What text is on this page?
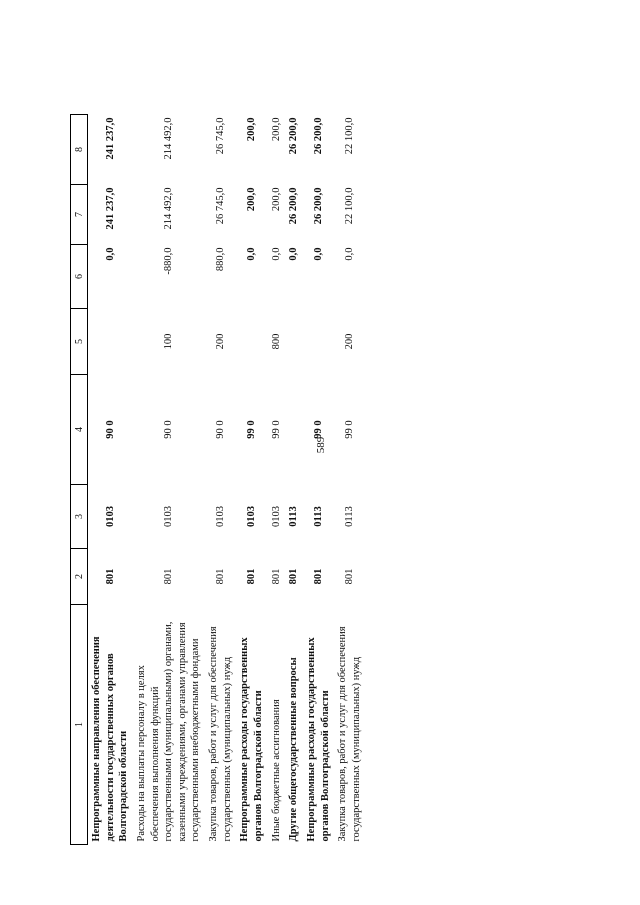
589
1	2	3	4	5	6	7	8
Непрограммные направления обеспечения деятельности государственных органов Волгоградской области	801	0103	90 0		0,0	241 237,0	241 237,0
Расходы на выплаты персоналу в целях обеспечения выполнения функций государственными (муниципальными) органами, казенными учреждениями, органами управления государственными внебюджетными фондами	801	0103	90 0	100	-880,0	214 492,0	214 492,0
Закупка товаров, работ и услуг для обеспечения государственных (муниципальных) нужд	801	0103	90 0	200	880,0	26 745,0	26 745,0
Непрограммные расходы государственных органов Волгоградской области	801	0103	99 0		0,0	200,0	200,0
Иные бюджетные ассигнования	801	0103	99 0	800	0,0	200,0	200,0
Другие общегосударственные вопросы	801	0113			0,0	26 200,0	26 200,0
Непрограммные расходы государственных органов Волгоградской области	801	0113	99 0		0,0	26 200,0	26 200,0
Закупка товаров, работ и услуг для обеспечения государственных (муниципальных) нужд	801	0113	99 0	200	0,0	22 100,0	22 100,0
